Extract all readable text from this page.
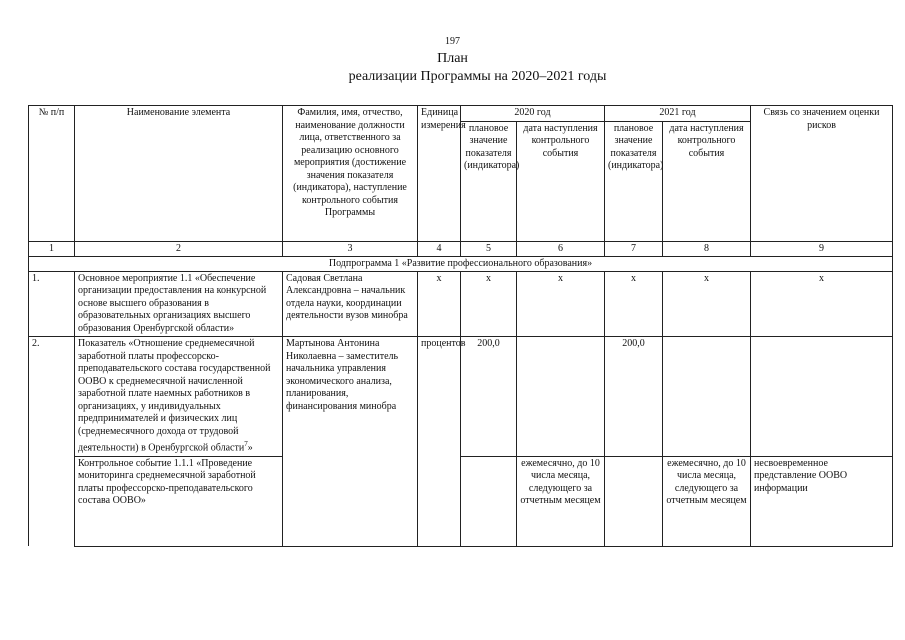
197
План
реализации Программы на 2020–2021 годы
№ п/п	Наименование элемента	Фамилия, имя, отчество, наименование должности лица, ответственного за реализацию основного мероприятия (достижение значения показателя (индикатора), наступление контрольного события Программы	Единица измерения	2020 год		2021 год		Связь со значением оценки рисков
				плановое значение показателя (индикатора)	дата наступления контрольного события	плановое значение показателя (индикатора)	дата наступления контрольного события	
1	2	3	4	5	6	7	8	9
Подпрограмма 1 «Развитие профессионального образования»								
1.	Основное мероприятие 1.1 «Обеспечение организации предоставления на конкурсной основе высшего образования в образовательных организациях высшего образования Оренбургской области»	Садовая Светлана Александровна – начальник отдела науки, координации деятельности вузов минобра	х	х	х	х	х	х
2.	Показатель «Отношение среднемесячной заработной платы профессорско-преподавательского состава государственной ООВО к среднемесячной начисленной заработной плате наемных работников в организациях, у индивидуальных предпринимателей и физических лиц (среднемесячного дохода от трудовой деятельности) в Оренбургской области$^7$»	Мартынова Антонина Николаевна – заместитель начальника управления экономического анализа, планирования, финансирования минобра	процентов	200,0		200,0		
	Контрольное событие 1.1.1 «Проведение мониторинга среднемесячной заработной платы профессорско-преподавательского состава ООВО»				ежемесячно, до 10 числа месяца, следующего за отчетным месяцем		ежемесячно, до 10 числа месяца, следующего за отчетным месяцем	несвоевременное представление ООВО информации
